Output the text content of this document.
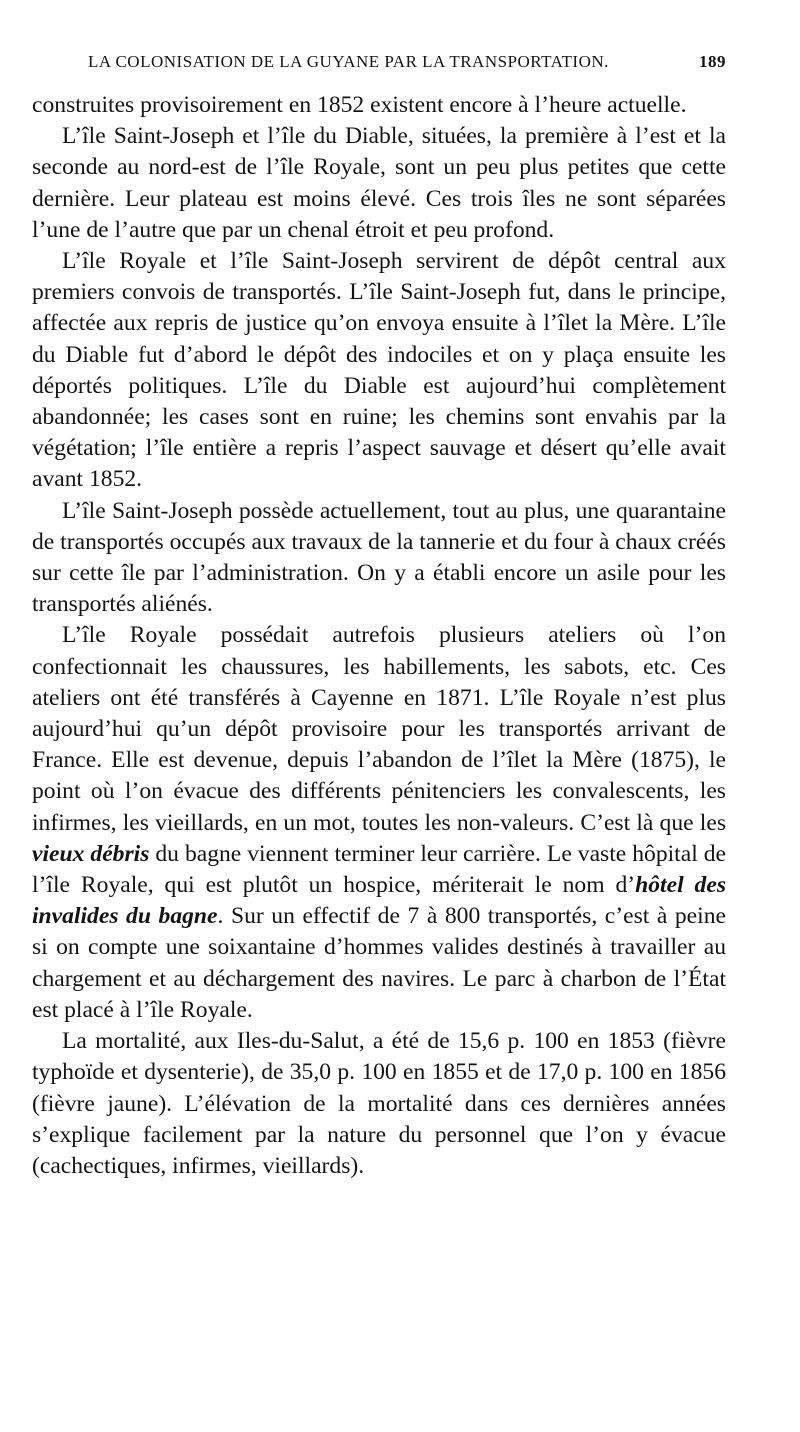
LA COLONISATION DE LA GUYANE PAR LA TRANSPORTATION.	189

construites provisoirement en 1852 existent encore à l’heure actuelle.

L’île Saint-Joseph et l’île du Diable, situées, la première à l’est et la seconde au nord-est de l’île Royale, sont un peu plus petites que cette dernière. Leur plateau est moins élevé. Ces trois îles ne sont séparées l’une de l’autre que par un chenal étroit et peu profond.

L’île Royale et l’île Saint-Joseph servirent de dépôt central aux premiers convois de transportés. L’île Saint-Joseph fut, dans le principe, affectée aux repris de justice qu’on envoya ensuite à l’îlet la Mère. L’île du Diable fut d’abord le dépôt des indociles et on y plaça ensuite les déportés politiques. L’île du Diable est aujourd’hui complètement abandonnée; les cases sont en ruine; les chemins sont envahis par la végétation; l’île entière a repris l’aspect sauvage et désert qu’elle avait avant 1852.

L’île Saint-Joseph possède actuellement, tout au plus, une quarantaine de transportés occupés aux travaux de la tannerie et du four à chaux créés sur cette île par l’administration. On y a établi encore un asile pour les transportés aliénés.

L’île Royale possédait autrefois plusieurs ateliers où l’on confectionnait les chaussures, les habillements, les sabots, etc. Ces ateliers ont été transférés à Cayenne en 1871. L’île Royale n’est plus aujourd’hui qu’un dépôt provisoire pour les transportés arrivant de France. Elle est devenue, depuis l’abandon de l’îlet la Mère (1875), le point où l’on évacue des différents pénitenciers les convalescents, les infirmes, les vieillards, en un mot, toutes les non-valeurs. C’est là que les vieux débris du bagne viennent terminer leur carrière. Le vaste hôpital de l’île Royale, qui est plutôt un hospice, mériterait le nom d’hôtel des invalides du bagne. Sur un effectif de 7 à 800 transportés, c’est à peine si on compte une soixantaine d’hommes valides destinés à travailler au chargement et au déchargement des navires. Le parc à charbon de l’État est placé à l’île Royale.

La mortalité, aux Iles-du-Salut, a été de 15,6 p. 100 en 1853 (fièvre typhoïde et dysenterie), de 35,0 p. 100 en 1855 et de 17,0 p. 100 en 1856 (fièvre jaune). L’élévation de la mortalité dans ces dernières années s’explique facilement par la nature du personnel que l’on y évacue (cachectiques, infirmes, vieillards).
